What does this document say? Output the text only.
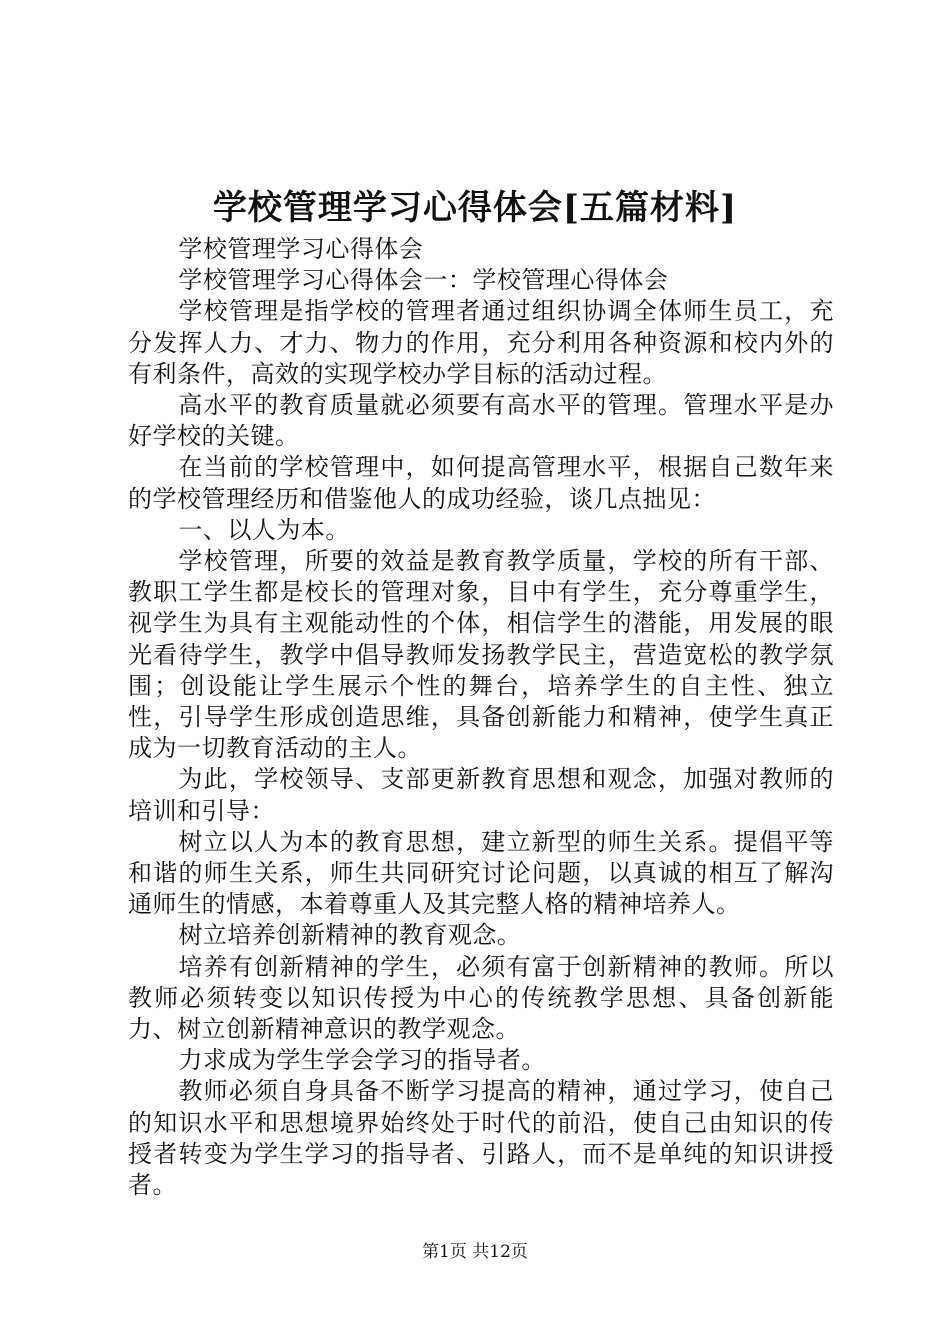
学校管理学习心得体会[五篇材料]

学校管理学习心得体会

学校管理学习心得体会一：学校管理心得体会

学校管理是指学校的管理者通过组织协调全体师生员工，充分发挥人力、才力、物力的作用，充分利用各种资源和校内外的有利条件，高效的实现学校办学目标的活动过程。

高水平的教育质量就必须要有高水平的管理。管理水平是办好学校的关键。

在当前的学校管理中，如何提高管理水平，根据自己数年来的学校管理经历和借鉴他人的成功经验，谈几点拙见：

一、以人为本。

学校管理，所要的效益是教育教学质量，学校的所有干部、教职工学生都是校长的管理对象，目中有学生，充分尊重学生，视学生为具有主观能动性的个体，相信学生的潜能，用发展的眼光看待学生，教学中倡导教师发扬教学民主，营造宽松的教学氛围；创设能让学生展示个性的舞台，培养学生的自主性、独立性，引导学生形成创造思维，具备创新能力和精神，使学生真正成为一切教育活动的主人。

为此，学校领导、支部更新教育思想和观念，加强对教师的培训和引导：

树立以人为本的教育思想，建立新型的师生关系。提倡平等和谐的师生关系，师生共同研究讨论问题，以真诚的相互了解沟通师生的情感，本着尊重人及其完整人格的精神培养人。

树立培养创新精神的教育观念。

培养有创新精神的学生，必须有富于创新精神的教师。所以教师必须转变以知识传授为中心的传统教学思想、具备创新能力、树立创新精神意识的教学观念。

力求成为学生学会学习的指导者。

教师必须自身具备不断学习提高的精神，通过学习，使自己的知识水平和思想境界始终处于时代的前沿，使自己由知识的传授者转变为学生学习的指导者、引路人，而不是单纯的知识讲授者。

第1页 共12页
